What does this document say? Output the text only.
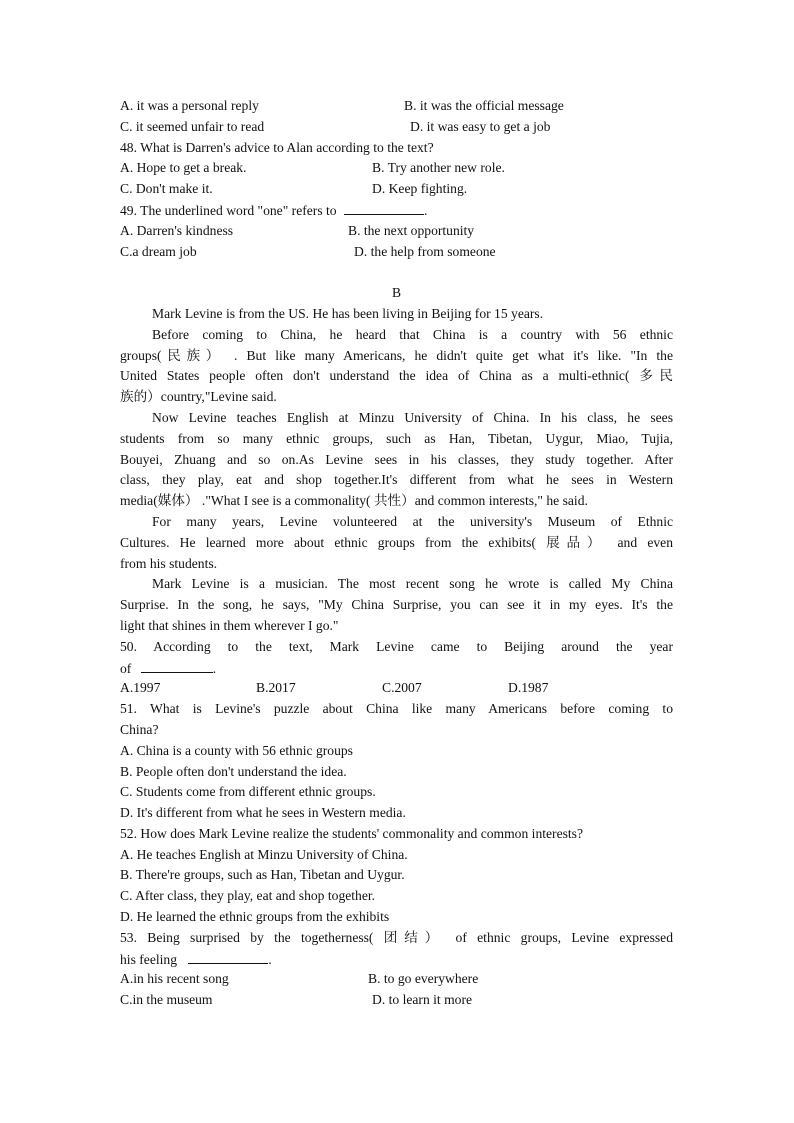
A. it was a personal reply	B. it was the official message
C. it seemed unfair to read	D. it was easy to get a job
48. What is Darren's advice to Alan according to the text?
A. Hope to get a break.	B. Try another new role.
C. Don't make it.	D. Keep fighting.
49. The underlined word "one" refers to	.
A. Darren's kindness	B. the next opportunity
C.a dream job	D. the help from someone
B
Mark Levine is from the US. He has been living in Beijing for 15 years.
Before coming to China, he heard that China is a country with 56 ethnic
groups(民族） . But like many Americans, he didn't quite get what it's like. "In the
United States people often don't understand the idea of China as a multi-ethnic( 多民
族的）country,"Levine said.
Now Levine teaches English at Minzu University of China. In his class, he sees
students from so many ethnic groups, such as Han, Tibetan, Uygur, Miao, Tujia,
Bouyei, Zhuang and so on.As Levine sees in his classes, they study together. After
class, they play, eat and shop together.It's different from what he sees in Western
media(媒体） ."What I see is a commonality( 共性）and common interests," he said.
For many years, Levine volunteered at the university's Museum of Ethnic
Cultures. He learned more about ethnic groups from the exhibits( 展品） and even
from his students.
Mark Levine is a musician. The most recent song he wrote is called My China
Surprise. In the song, he says, "My China Surprise, you can see it in my eyes. It's the
light that shines in them wherever I go."
50. According to the text, Mark Levine came to Beijing around the year
of	.
A.1997	B.2017	C.2007	D.1987
51. What is Levine's puzzle about China like many Americans before coming to
China?
A. China is a county with 56 ethnic groups
B. People often don't understand the idea.
C. Students come from different ethnic groups.
D. It's different from what he sees in Western media.
52. How does Mark Levine realize the students' commonality and common interests?
A. He teaches English at Minzu University of China.
B. There're groups, such as Han, Tibetan and Uygur.
C. After class, they play, eat and shop together.
D. He learned the ethnic groups from the exhibits
53. Being surprised by the togetherness( 团结） of ethnic groups, Levine expressed
his feeling	.
A.in his recent song	B. to go everywhere
C.in the museum	D. to learn it more
